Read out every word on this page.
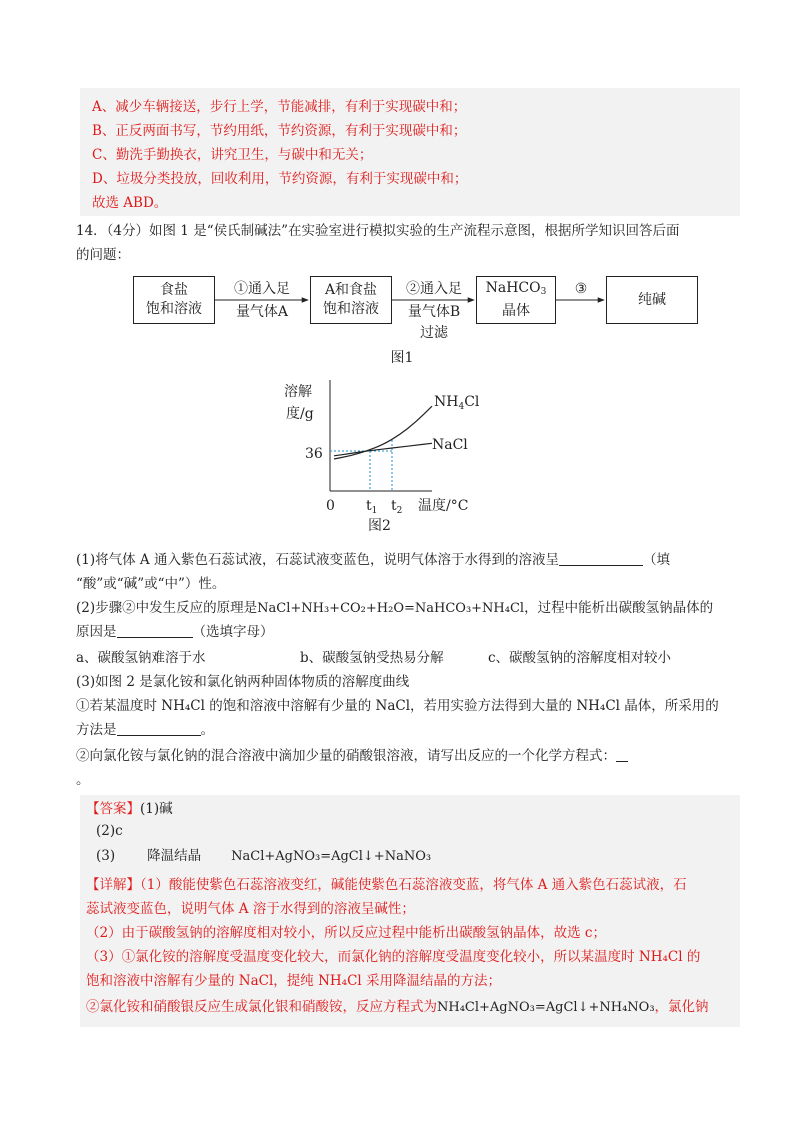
A、减少车辆接送，步行上学，节能减排，有利于实现碳中和；
B、正反两面书写，节约用纸，节约资源，有利于实现碳中和；
C、勤洗手勤换衣，讲究卫生，与碳中和无关；
D、垃圾分类投放，回收利用，节约资源，有利于实现碳中和；
故选 ABD。
14．（4分）如图 1 是“侯氏制碱法”在实验室进行模拟实验的生产流程示意图，根据所学知识回答后面
的问题：
食盐
饱和溶液
①通入足
量气体A
A和食盐
饱和溶液
②通入足
量气体B
过滤
NaHCO$_3$
晶体
③
纯碱
图1
溶解
度/g
36
0 $t_1$ $t_2$ 温度/°C
$NH_4Cl$
NaCl
图2
(1)将气体 A 通入紫色石蕊试液，石蕊试液变蓝色，说明气体溶于水得到的溶液呈	（填
“酸”或“碱”或“中”）性。
(2)步骤②中发生反应的原理是NaCl+NH₃+CO₂+H₂O=NaHCO₃+NH₄Cl，过程中能析出碳酸氢钠晶体的
原因是	（选填字母）
a、碳酸氢钠难溶于水	b、碳酸氢钠受热易分解	c、碳酸氢钠的溶解度相对较小
(3)如图 2 是氯化铵和氯化钠两种固体物质的溶解度曲线
①若某温度时 NH₄Cl 的饱和溶液中溶解有少量的 NaCl，若用实验方法得到大量的 NH₄Cl 晶体，所采用的
方法是	。
②向氯化铵与氯化钠的混合溶液中滴加少量的硝酸银溶液，请写出反应的一个化学方程式：
。
【答案】(1)碱
(2)c
(3) 降温结晶 NaCl+AgNO₃=AgCl↓+NaNO₃
【详解】（1）酸能使紫色石蕊溶液变红，碱能使紫色石蕊溶液变蓝，将气体 A 通入紫色石蕊试液，石
蕊试液变蓝色，说明气体 A 溶于水得到的溶液呈碱性；
（2）由于碳酸氢钠的溶解度相对较小，所以反应过程中能析出碳酸氢钠晶体，故选 c；
（3）①氯化铵的溶解度受温度变化较大，而氯化钠的溶解度受温度变化较小，所以某温度时 NH₄Cl 的
饱和溶液中溶解有少量的 NaCl，提纯 NH₄Cl 采用降温结晶的方法；
②氯化铵和硝酸银反应生成氯化银和硝酸铵，反应方程式为NH₄Cl+AgNO₃=AgCl↓+NH₄NO₃，氯化钠
